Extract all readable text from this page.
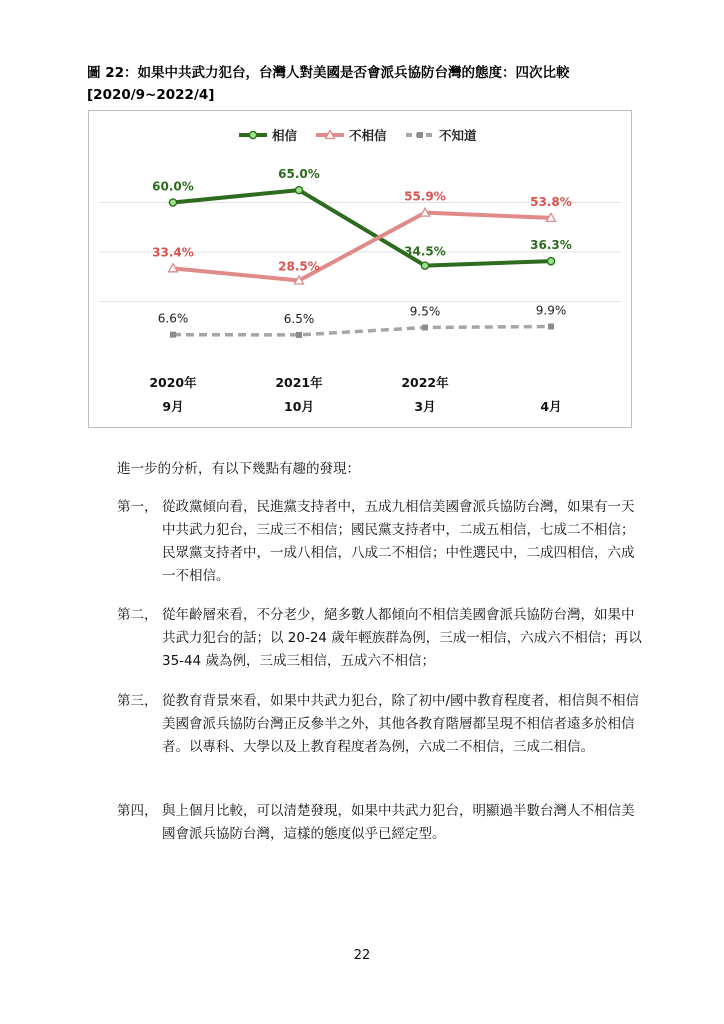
圖 22：如果中共武力犯台，台灣人對美國是否會派兵協防台灣的態度：四次比較
[2020/9~2022/4]
相信	不相信	不知道
60.0%
65.0%
34.5%	36.3%
33.4%
28.5%
55.9%	53.8%
6.6%	6.5%
9.5%	9.9%
2020年
9月
2021年
10月
2022年
3月	4月
進一步的分析，有以下幾點有趣的發現：
第一， 從政黨傾向看，民進黨支持者中，五成九相信美國會派兵協防台灣，如果有一天中共武力犯台，三成三不相信；國民黨支持者中，二成五相信，七成二不相信；民眾黨支持者中，一成八相信，八成二不相信；中性選民中，二成四相信，六成一不相信。
第二， 從年齡層來看，不分老少，絕多數人都傾向不相信美國會派兵協防台灣，如果中共武力犯台的話；以 20-24 歲年輕族群為例，三成一相信，六成六不相信；再以 35-44 歲為例，三成三相信，五成六不相信；
第三， 從教育背景來看，如果中共武力犯台，除了初中/國中教育程度者，相信與不相信美國會派兵協防台灣正反參半之外，其他各教育階層都呈現不相信者遠多於相信者。以專科、大學以及上教育程度者為例，六成二不相信，三成二相信。
第四， 與上個月比較，可以清楚發現，如果中共武力犯台，明顯過半數台灣人不相信美國會派兵協防台灣，這樣的態度似乎已經定型。
22
